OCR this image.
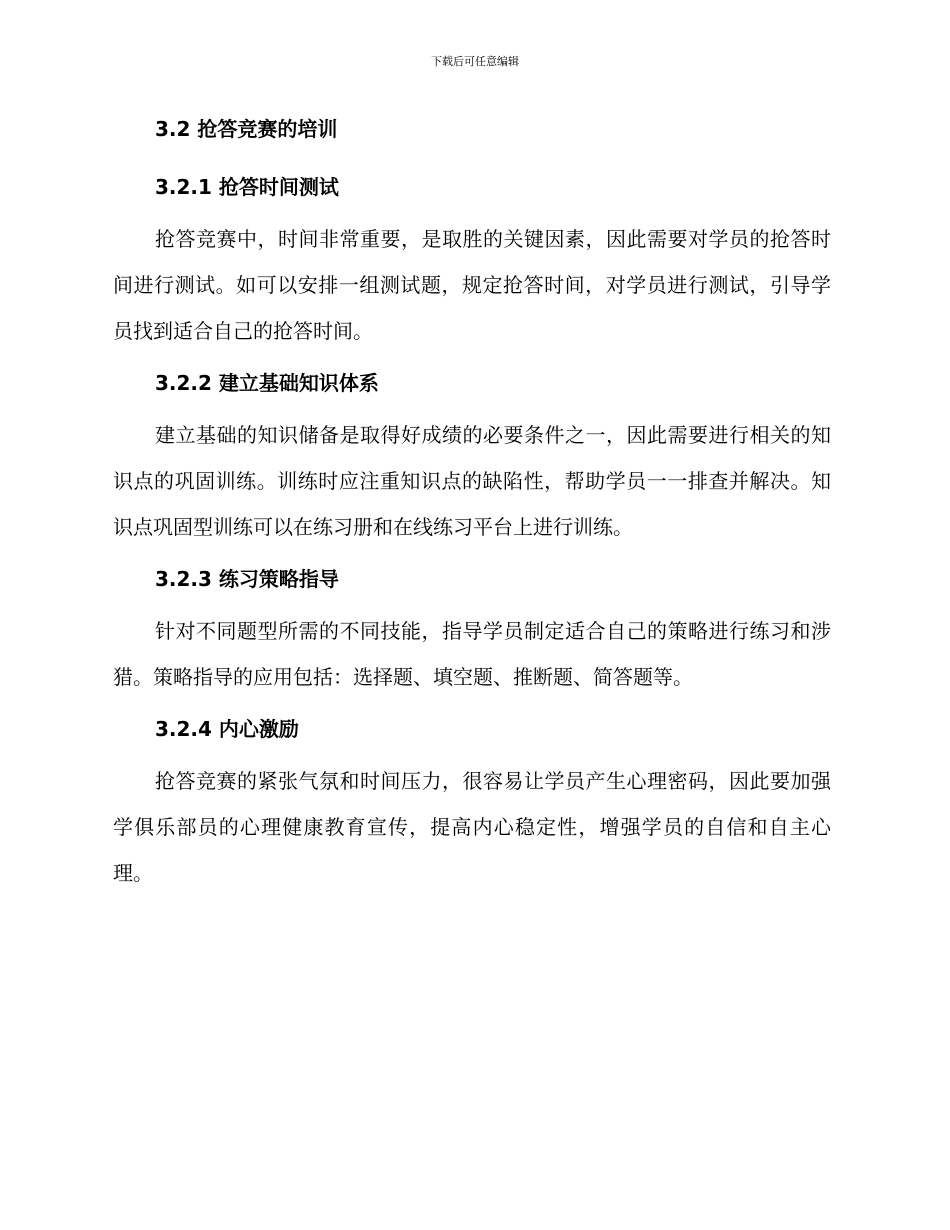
下载后可任意编辑
3.2 抢答竞赛的培训
3.2.1 抢答时间测试

抢答竞赛中，时间非常重要，是取胜的关键因素，因此需要对学员的抢答时间进行测试。如可以安排一组测试题，规定抢答时间，对学员进行测试，引导学员找到适合自己的抢答时间。

3.2.2 建立基础知识体系

建立基础的知识储备是取得好成绩的必要条件之一，因此需要进行相关的知识点的巩固训练。训练时应注重知识点的缺陷性，帮助学员一一排查并解决。知识点巩固型训练可以在练习册和在线练习平台上进行训练。

3.2.3 练习策略指导

针对不同题型所需的不同技能，指导学员制定适合自己的策略进行练习和涉猎。策略指导的应用包括：选择题、填空题、推断题、简答题等。

3.2.4 内心激励

抢答竞赛的紧张气氛和时间压力，很容易让学员产生心理密码，因此要加强学俱乐部员的心理健康教育宣传，提高内心稳定性，增强学员的自信和自主心理。
